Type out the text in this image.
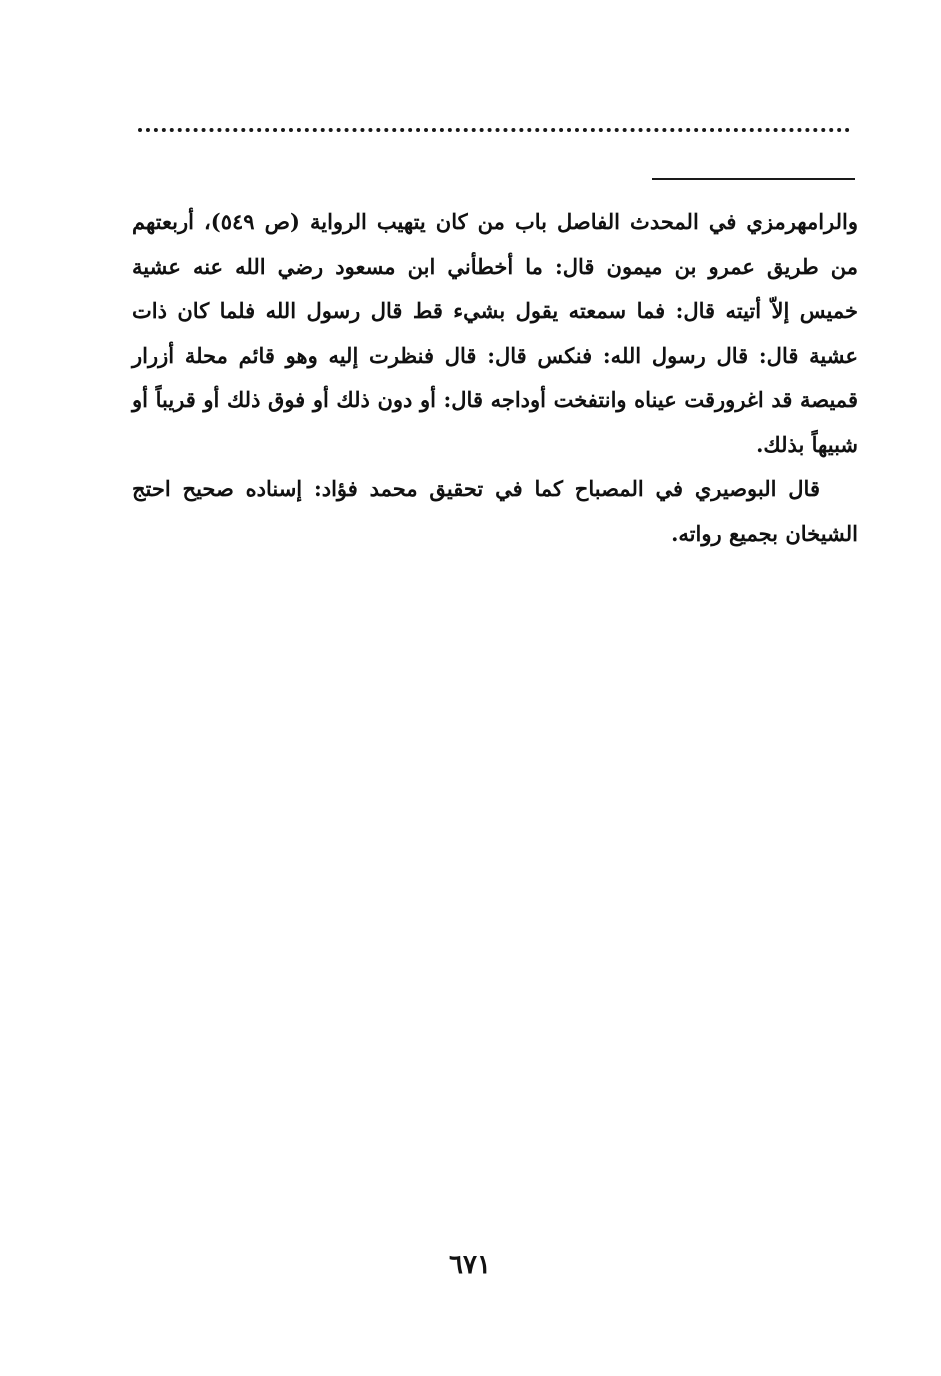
والرامهرمزي في المحدث الفاصل باب من كان يتهيب الرواية (ص ٥٤٩)، أربعتهم من طريق عمرو بن ميمون قال: ما أخطأني ابن مسعود رضي الله عنه عشية خميس إلاّ أتيته قال: فما سمعته يقول بشيء قط قال رسول الله فلما كان ذات عشية قال: قال رسول الله: فنكس قال: قال فنظرت إليه وهو قائم محلة أزرار قميصة قد اغرورقت عيناه وانتفخت أوداجه قال: أو دون ذلك أو فوق ذلك أو قريباً أو شبيهاً بذلك.

قال البوصيري في المصباح كما في تحقيق محمد فؤاد: إسناده صحيح احتج الشيخان بجميع رواته.

٦٧١
